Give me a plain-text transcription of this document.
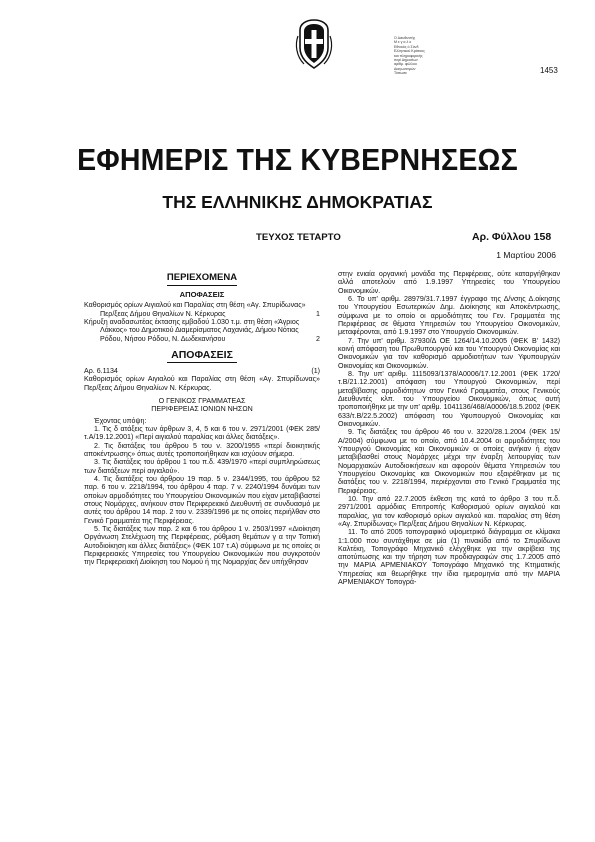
Ο Διευθυντής
Μ ε γ α λ ο
Εθνικός ό Σύνδ
Ελληνικού Κράτους
και πληροφορικής
περί Δημοσίων
αρίθμ. φύλλου
Διαγωνισμών
Τύπωσε	1453
ΕΦΗΜΕΡΙΣ ΤΗΣ ΚΥΒΕΡΝΗΣΕΩΣ
ΤΗΣ ΕΛΛΗΝΙΚΗΣ ΔΗΜΟΚΡΑΤΙΑΣ
ΤΕΥΧΟΣ ΤΕΤΑΡΤΟ	Αρ. Φύλλου 158
1 Μαρτίου 2006

ΠΕΡΙΕΧΟΜΕΝΑ

ΑΠΟΦΑΣΕΙΣ

Καθορισμός ορίων Αιγιαλού και Παραλίας στη θέση «Αγ. Σπυρίδωνας» Περ/ξεας Δήμου Θηναλίων Ν. Κέρκυρας	1
Κήρυξη αναδασωτέας έκτασης εμβαδού 1.030 τ.μ. στη θέση «Άγριος Λάκκος» του Δημοτικού Διαμερίσματος Λαχανιάς, Δήμου Νότιας Ρόδου, Νήσου Ρόδου, Ν. Δωδεκανήσου	2

ΑΠΟΦΑΣΕΙΣ

Αρ. 6.1134	(1)

Καθορισμός ορίων Αιγιαλού και Παραλίας στη θέση «Αγ. Σπυρίδωνας» Περ/ξεας Δήμου Θηναλίων Ν. Κέρκυρας.

Ο ΓΕΝΙΚΟΣ ΓΡΑΜΜΑΤΕΑΣ

ΠΕΡΙΦΕΡΕΙΑΣ ΙΟΝΙΩΝ ΝΗΣΩΝ

Έχοντας υπόψη:

1. Τις δ ατάξεις των άρθρων 3, 4, 5 και 6 του ν. 2971/2001 (ΦΕΚ 285/τ.Α/19.12.2001) «Περί αιγιαλού παραλίας και άλλες διατάξεις».

2. Τις διατάξεις του άρθρου 5 του ν. 3200/1955 «περί διοικητικής αποκέντρωσης» όπως αυτές τροποποιήθηκαν και ισχύουν σήμερα.

3. Τις διατάξεις του άρθρου 1 του π.δ. 439/1970 «περί συμπληρώσεως των διατάξεων περί αιγιαλού».

4. Τις διατάξεις του άρθρου 19 παρ. 5 ν. 2344/1995, του άρθρου 52 παρ. 6 του ν. 2218/1994, του άρθρου 4 παρ. 7 ν. 2240/1994 δυνάμει των οποίων αρμοδιότητες του Υπουργείου Οικονομικών που είχαν μεταβιβαστεί στους Νομάρχες, ανήκουν στον Περιφερειακό Διευθυντή σε συνδυασμό με αυτές του άρθρου 14 παρ. 2 του ν. 2339/1996 με τις οποίες περιήλθαν στο Γενικό Γραμματέα της Περιφέρειας.

5. Τις διατάξεις των παρ. 2 και 6 του άρθρου 1 ν. 2503/1997 «Διοίκηση Οργάνωση Στελέχωση της Περιφέρειας, ρύθμιση θεμάτων γ α την Τοπική Αυτοδιοίκηση και άλλες διατάξεις» (ΦΕΚ 107 τ.Α) σύμφωνα με τις οποίες οι Περιφερειακές Υπηρεσίες του Υπουργείου Οικονομικών που συγκροτούν την Περιφερειακή Διοίκηση του Νομού ή της Νομαρχίας δεν υπήχθησαν

στην ενιαία οργανική μονάδα της Περιφέρειας, ούτε καταργήθηκαν αλλά αποτελούν από 1.9.1997 Υπηρεσίες του Υπουργείου Οικονομικών.

6. Το υπ' αριθμ. 28979/31.7.1997 έγγραφο της Δ/νσης Δ.οίκησης του Υπουργείου Εσωτερικών Δημ. Διοίκησης και Αποκέντρωσης, σύμφωνα με το οποίο οι αρμοδιότητες του Γεν. Γραμματέα της Περιφέρειας σε θέματα Υπηρεσιών του Υπουργείου Οικονομικών, μεταφέρονται, από 1.9.1997 στο Υπουργείο Οικονομικών.

7. Την υπ' αριθμ. 37930/Δ ΟΕ 1264/14.10.2005 (ΦΕΚ Β' 1432) κοινή απόφαση του Πρωθυπουργού και του Υπουργού Οικονομίας και Οικονομικών για τον καθορισμό αρμοδιοτήτων των Υφυπουργών Οικονομίας και Οικονομικών.

8. Την υπ' αριθμ. 1115093/1378/Α0006/17.12.2001 (ΦΕΚ 1720/τ.Β/21.12.2001) απόφαση του Υπουργού Οικονομικών, περί μεταβίβασης αρμοδιότητων στον Γενικό Γραμματέα, στους Γενικούς Διευθυντές κλπ. του Υπουργείου Οικονομικών, όπως αυτή τροποποιήθηκε με την υπ' αριθμ. 1041136/468/Α0006/18.5.2002 (ΦΕΚ 633/τ.Β/22.5.2002) απόφαση του Υφυπουργού Οικονομίας και Οικονομικών.

9. Τις διατάξεις του άρθρου 46 του ν. 3220/28.1.2004 (ΦΕΚ 15/Α/2004) σύμφωνα με το οποίο, από 10.4.2004 οι αρμοδιότητες του Υπουργού Οικονομίας και Οικονομικών οι οποίες ανήκαν ή είχαν μεταβιβασθεί στους Νομάρχες μέχρι την έναρξη λειτουργίας των Νομαρχιακών Αυτοδιοικήσεων και αφορούν θέματα Υπηρεσιών του Υπουργείου Οικονομίας και Οικονομικών που εξαιρέθηκαν με τις διατάξεις του ν. 2218/1994, περιέρχονται στο Γενικό Γραμματέα της Περιφέρειας.

10. Την από 22.7.2005 έκθεση της κατά το άρθρο 3 του π.δ. 2971/2001 αρμόδιας Επιτροπής Καθορισμού ορίων αιγιαλού και παραλίας, για τον καθορισμό ορίων αιγιαλού και. παραλίας στη θέση «Αγ. Σπυρίδωνας» Περ/ξεας Δήμου Θηναλίων Ν. Κέρκυρας.

11. Το από 2005 τοπογραφικό υψομετρικό διάγραμμα σε κλίμακα 1:1.000 που συντάχθηκε σε μία (1) πινακίδα από το Σπυρίδωνα Καλτέκη, Τοπογράφο Μηχανικό ελέγχθηκε για την ακρίβεια της αποτύπωσης και την τήρηση των προδιαγραφών στις 1.7.2005 από την ΜΑΡΙΑ ΑΡΜΕΝΙΑΚΟΥ Τοπογράφο Μηχανικό της Κτηματικής Υπηρεσίας και θεωρήθηκε την ίδια ημερομηνία από την ΜΑΡΙΑ ΑΡΜΕΝΙΑΚΟΥ Τοπογρά-
